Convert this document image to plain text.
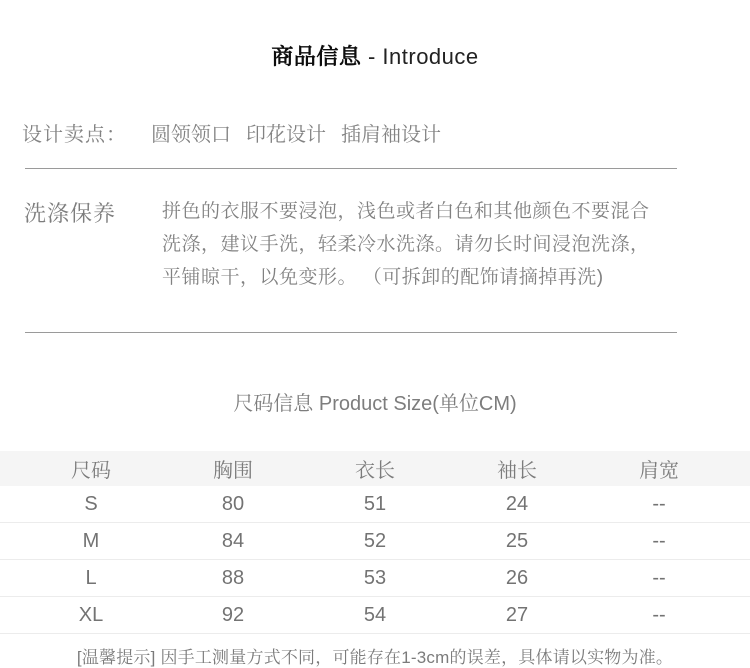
商品信息 - Introduce
设计卖点： 圆领领口 印花设计 插肩袖设计
洗涤保养	拼色的衣服不要浸泡，浅色或者白色和其他颜色不要混合
洗涤，建议手洗，轻柔冷水洗涤。请勿长时间浸泡洗涤，
平铺晾干，以免变形。 （可拆卸的配饰请摘掉再洗)
尺码信息 Product Size(单位CM)
尺码	胸围	衣长	袖长	肩宽
S	80	51	24	--
M	84	52	25	--
L	88	53	26	--
XL	92	54	27	--
[温馨提示] 因手工测量方式不同，可能存在1-3cm的误差，具体请以实物为准。
